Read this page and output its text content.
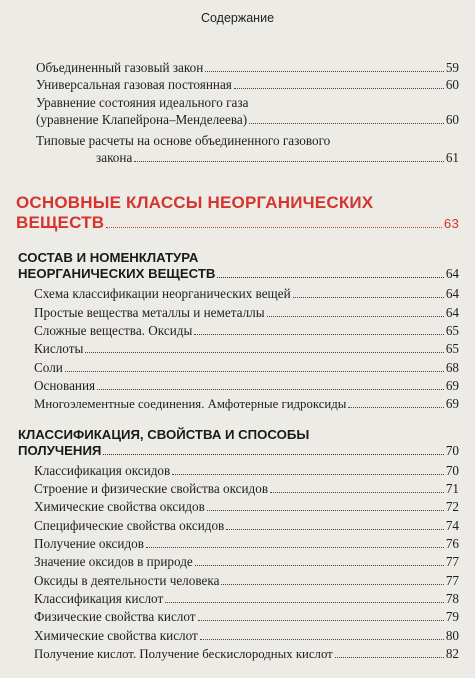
Содержание
Объединенный газовый закон	59
Универсальная газовая постоянная	60
Уравнение состояния идеального газа
(уравнение Клапейрона–Менделеева)	60
Типовые расчеты на основе объединенного газового
закона	61
ОСНОВНЫЕ КЛАССЫ НЕОРГАНИЧЕСКИХ
ВЕЩЕСТВ	63
СОСТАВ И НОМЕНКЛАТУРА
НЕОРГАНИЧЕСКИХ ВЕЩЕСТВ	64
Схема классификации неорганических вещей	64
Простые вещества металлы и неметаллы	64
Сложные вещества. Оксиды	65
Кислоты	65
Соли	68
Основания	69
Многоэлементные соединения. Амфотерные гидроксиды	69
КЛАССИФИКАЦИЯ, СВОЙСТВА И СПОСОБЫ
ПОЛУЧЕНИЯ	70
Классификация оксидов	70
Строение и физические свойства оксидов	71
Химические свойства оксидов	72
Специфические свойства оксидов	74
Получение оксидов	76
Значение оксидов в природе	77
Оксиды в деятельности человека	77
Классификация кислот	78
Физические свойства кислот	79
Химические свойства кислот	80
Получение кислот. Получение бескислородных кислот	82
